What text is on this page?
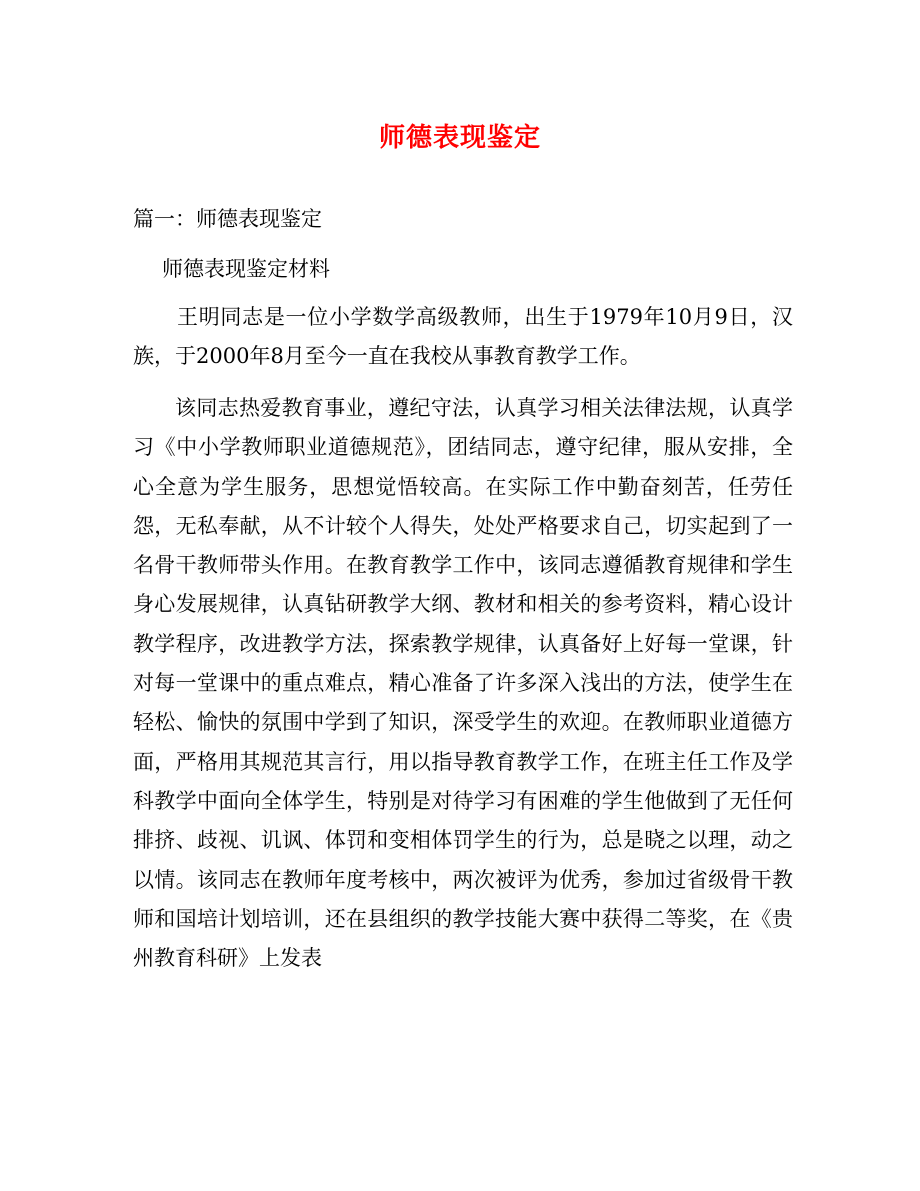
师德表现鉴定
篇一：师德表现鉴定
师德表现鉴定材料

王明同志是一位小学数学高级教师，出生于1979年10月9日，汉族，于2000年8月至今一直在我校从事教育教学工作。

该同志热爱教育事业，遵纪守法，认真学习相关法律法规，认真学习《中小学教师职业道德规范》，团结同志，遵守纪律，服从安排，全心全意为学生服务，思想觉悟较高。在实际工作中勤奋刻苦，任劳任怨，无私奉献，从不计较个人得失，处处严格要求自己，切实起到了一名骨干教师带头作用。在教育教学工作中，该同志遵循教育规律和学生身心发展规律，认真钻研教学大纲、教材和相关的参考资料，精心设计教学程序，改进教学方法，探索教学规律，认真备好上好每一堂课，针对每一堂课中的重点难点，精心准备了许多深入浅出的方法，使学生在轻松、愉快的氛围中学到了知识，深受学生的欢迎。在教师职业道德方面，严格用其规范其言行，用以指导教育教学工作，在班主任工作及学科教学中面向全体学生，特别是对待学习有困难的学生他做到了无任何排挤、歧视、讥讽、体罚和变相体罚学生的行为，总是晓之以理，动之以情。该同志在教师年度考核中，两次被评为优秀，参加过省级骨干教师和国培计划培训，还在县组织的教学技能大赛中获得二等奖，在《贵州教育科研》上发表
